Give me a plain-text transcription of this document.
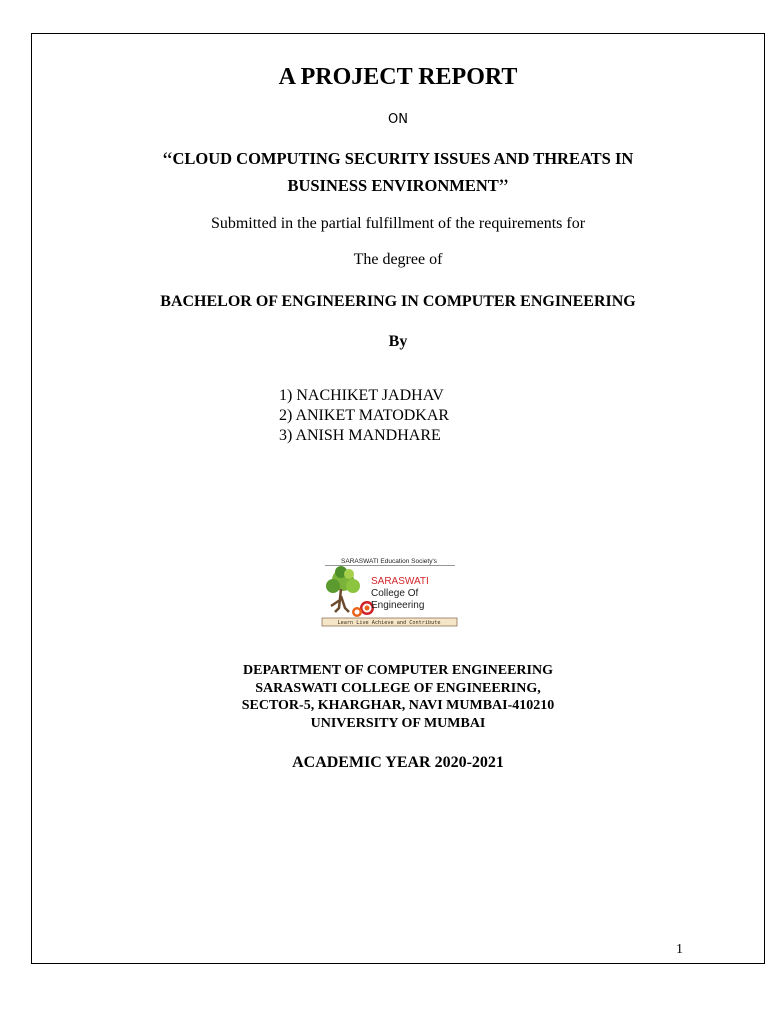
A PROJECT REPORT
ON
“CLOUD COMPUTING SECURITY ISSUES AND THREATS IN
BUSINESS ENVIRONMENT”
Submitted in the partial fulfillment of the requirements for
The degree of
BACHELOR OF ENGINEERING IN COMPUTER ENGINEERING
By
1) NACHIKET JADHAV
2) ANIKET MATODKAR
3) ANISH MANDHARE
SARASWATI Education Society's
SARASWATI
College Of
Engineering
Learn Live Achieve and Contribute
DEPARTMENT OF COMPUTER ENGINEERING
SARASWATI COLLEGE OF ENGINEERING,
SECTOR-5, KHARGHAR, NAVI MUMBAI-410210
UNIVERSITY OF MUMBAI
ACADEMIC YEAR 2020-2021
1
